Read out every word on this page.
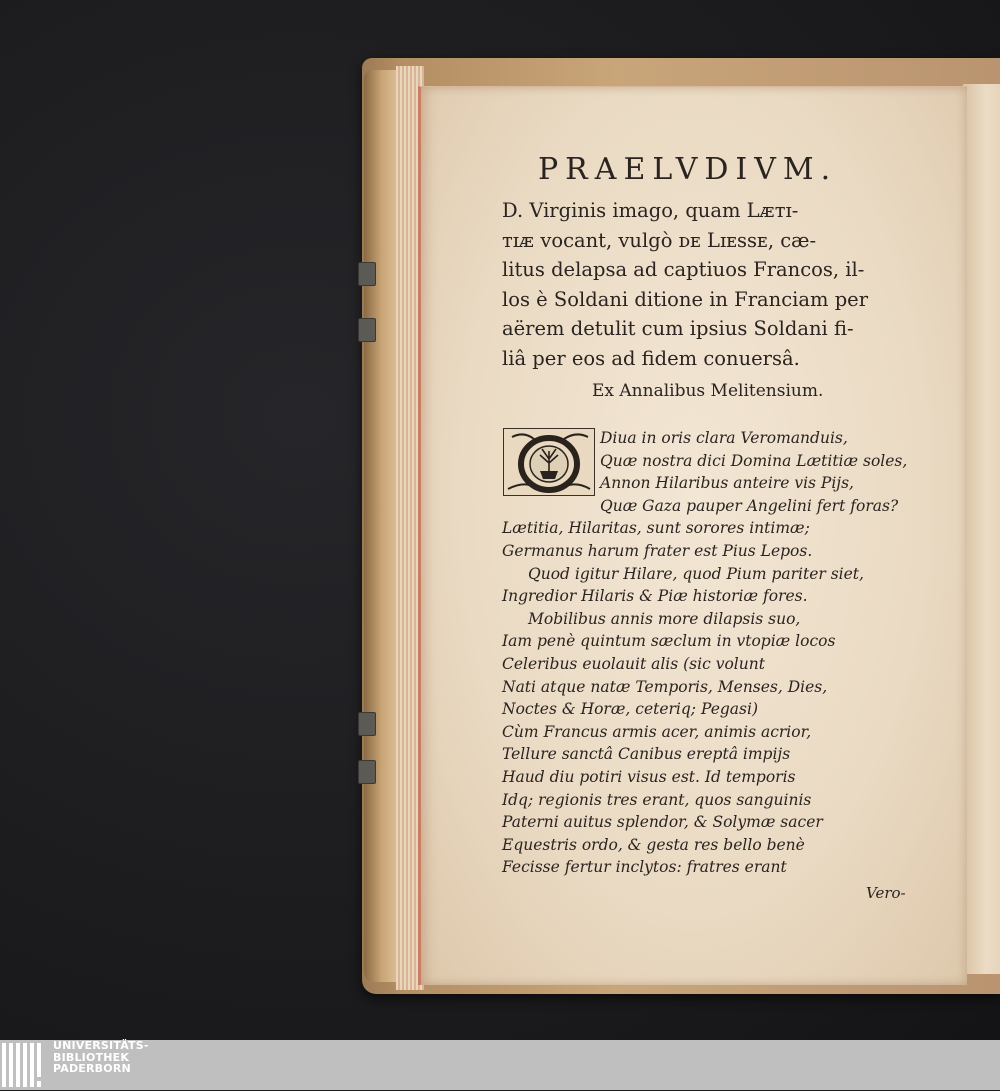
PRAELVDIVM.
D. Virginis imago, quam Lᴁᴛɪ-
ᴛɪᴁ vocant, vulgò ᴅᴇ Lɪᴇssᴇ, cæ-
litus delapsa ad captiuos Francos, il-
los è Soldani ditione in Franciam per
aërem detulit cum ipsius Soldani fi-
liâ per eos ad fidem conuersâ.
Ex Annalibus Melitensium.
Diua in oris clara Veromanduis,
Quæ nostra dici Domina Lætitiæ soles,
Annon Hilaribus anteire vis Pijs,
Quæ Gaza pauper Angelini fert foras?
Lætitia, Hilaritas, sunt sorores intimæ;
Germanus harum frater est Pius Lepos.
Quod igitur Hilare, quod Pium pariter siet,
Ingredior Hilaris & Piæ historiæ fores.
Mobilibus annis more dilapsis suo,
Iam penè quintum sæclum in vtopiæ locos
Celeribus euolauit alis (sic volunt
Nati atque natæ Temporis, Menses, Dies,
Noctes & Horæ, ceteriq; Pegasi)
Cùm Francus armis acer, animis acrior,
Tellure sanctâ Canibus ereptâ impijs
Haud diu potiri visus est. Id temporis
Idq; regionis tres erant, quos sanguinis
Paterni auitus splendor, & Solymæ sacer
Equestris ordo, & gesta res bello benè
Fecisse fertur inclytos: fratres erant
Vero-
UNIVERSITÄTS-
BIBLIOTHEK
PADERBORN
